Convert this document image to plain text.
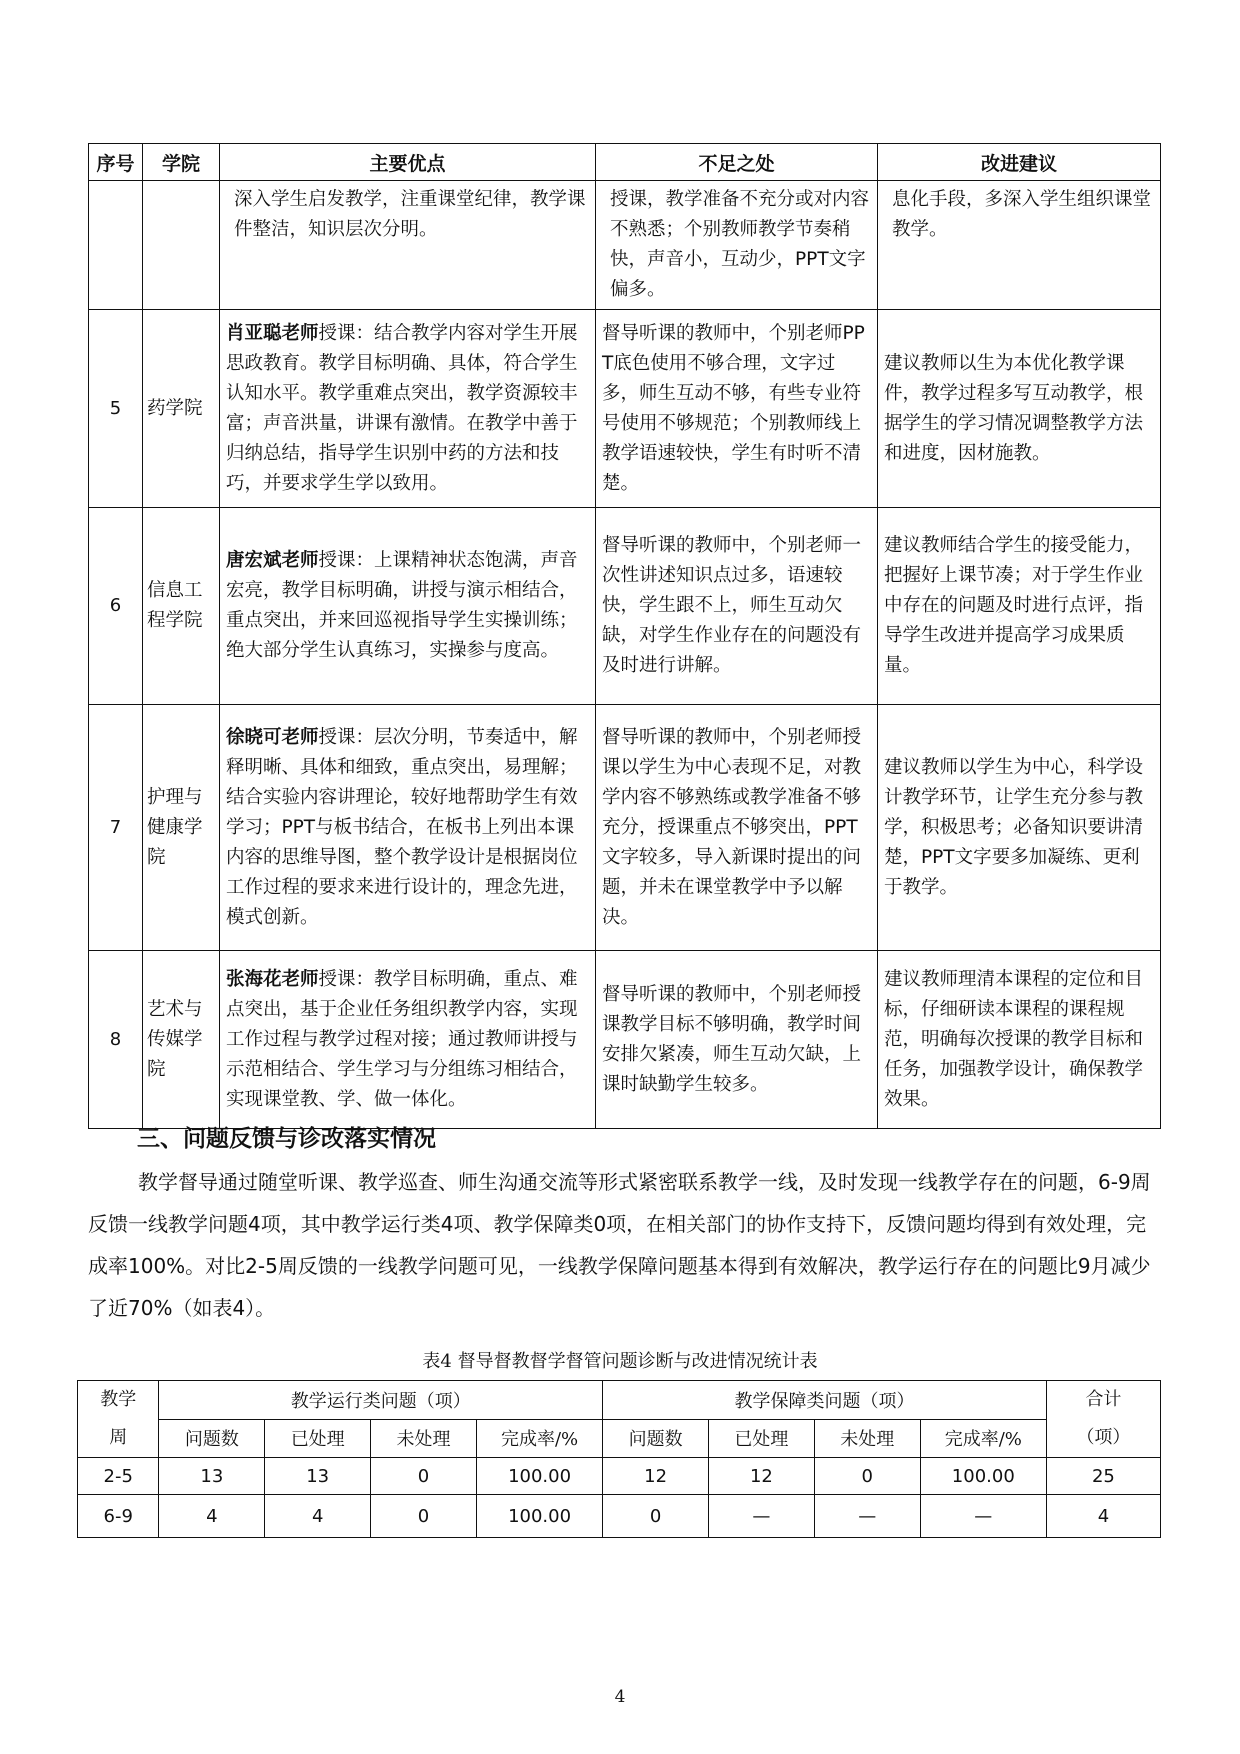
序号	学院	主要优点	不足之处	改进建议
		深入学生启发教学，注重课堂纪律，教学课件整洁，知识层次分明。	授课，教学准备不充分或对内容不熟悉；个别教师教学节奏稍快，声音小，互动少，PPT文字偏多。	息化手段，多深入学生组织课堂教学。
5	药学院	肖亚聪老师授课：结合教学内容对学生开展思政教育。教学目标明确、具体，符合学生认知水平。教学重难点突出，教学资源较丰富；声音洪量，讲课有激情。在教学中善于归纳总结，指导学生识别中药的方法和技巧，并要求学生学以致用。	督导听课的教师中，个别老师PPT底色使用不够合理，文字过多，师生互动不够，有些专业符号使用不够规范；个别教师线上教学语速较快，学生有时听不清楚。	建议教师以生为本优化教学课件，教学过程多写互动教学，根据学生的学习情况调整教学方法和进度，因材施教。
6	信息工程学院	唐宏斌老师授课：上课精神状态饱满，声音宏亮，教学目标明确，讲授与演示相结合，重点突出，并来回巡视指导学生实操训练；绝大部分学生认真练习，实操参与度高。	督导听课的教师中，个别老师一次性讲述知识点过多，语速较快，学生跟不上，师生互动欠缺，对学生作业存在的问题没有及时进行讲解。	建议教师结合学生的接受能力，把握好上课节凑；对于学生作业中存在的问题及时进行点评，指导学生改进并提高学习成果质量。
7	护理与健康学院	徐晓可老师授课：层次分明，节奏适中，解释明晰、具体和细致，重点突出，易理解；结合实验内容讲理论，较好地帮助学生有效学习；PPT与板书结合，在板书上列出本课内容的思维导图，整个教学设计是根据岗位工作过程的要求来进行设计的，理念先进，模式创新。	督导听课的教师中，个别老师授课以学生为中心表现不足，对教学内容不够熟练或教学准备不够充分，授课重点不够突出，PPT文字较多，导入新课时提出的问题，并未在课堂教学中予以解决。	建议教师以学生为中心，科学设计教学环节，让学生充分参与教学，积极思考；必备知识要讲清楚，PPT文字要多加凝练、更利于教学。
8	艺术与传媒学院	张海花老师授课：教学目标明确，重点、难点突出，基于企业任务组织教学内容，实现工作过程与教学过程对接；通过教师讲授与示范相结合、学生学习与分组练习相结合，实现课堂教、学、做一体化。	督导听课的教师中，个别老师授课教学目标不够明确，教学时间安排欠紧凑，师生互动欠缺，上课时缺勤学生较多。	建议教师理清本课程的定位和目标，仔细研读本课程的课程规范，明确每次授课的教学目标和任务，加强教学设计，确保教学效果。
三、问题反馈与诊改落实情况

教学督导通过随堂听课、教学巡查、师生沟通交流等形式紧密联系教学一线，及时发现一线教学存在的问题，6-9周反馈一线教学问题4项，其中教学运行类4项、教学保障类0项，在相关部门的协作支持下，反馈问题均得到有效处理，完成率100%。对比2-5周反馈的一线教学问题可见，一线教学保障问题基本得到有效解决，教学运行存在的问题比9月减少了近70%（如表4）。

表4 督导督教督学督管问题诊断与改进情况统计表

教学周	教学运行类问题（项）				教学保障类问题（项）				合计（项）
	问题数	已处理	未处理	完成率/%	问题数	已处理	未处理	完成率/%	
2-5	13	13	0	100.00	12	12	0	100.00	25
6-9	4	4	0	100.00	0	—	—	—	4

4
